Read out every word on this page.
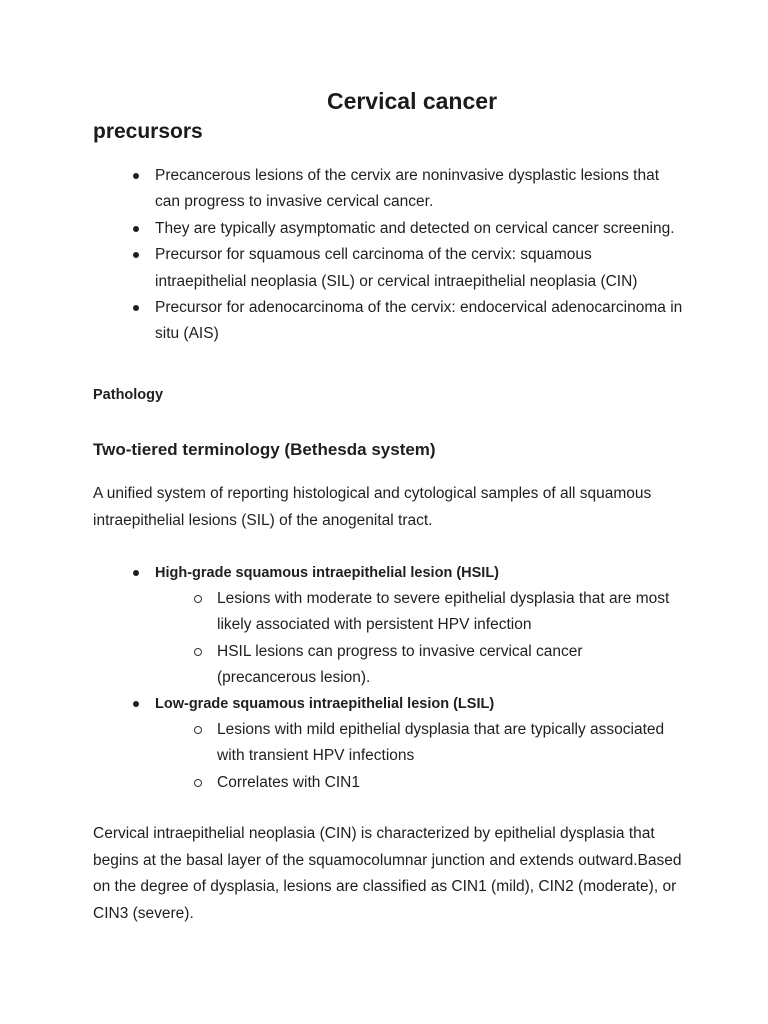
Cervical cancer
precursors
Precancerous lesions of the cervix are noninvasive dysplastic lesions that can progress to invasive cervical cancer.
They are typically asymptomatic and detected on cervical cancer screening.
Precursor for squamous cell carcinoma of the cervix: squamous intraepithelial neoplasia (SIL) or cervical intraepithelial neoplasia (CIN)
Precursor for adenocarcinoma of the cervix: endocervical adenocarcinoma in situ (AIS)
Pathology
Two-tiered terminology (Bethesda system)

A unified system of reporting histological and cytological samples of all squamous intraepithelial lesions (SIL) of the anogenital tract.

High-grade squamous intraepithelial lesion (HSIL)
Lesions with moderate to severe epithelial dysplasia that are most likely associated with persistent HPV infection
HSIL lesions can progress to invasive cervical cancer (precancerous lesion).
Low-grade squamous intraepithelial lesion (LSIL)
Lesions with mild epithelial dysplasia that are typically associated with transient HPV infections
Correlates with CIN1

Cervical intraepithelial neoplasia (CIN) is characterized by epithelial dysplasia that begins at the basal layer of the squamocolumnar junction and extends outward.Based on the degree of dysplasia, lesions are classified as CIN1 (mild), CIN2 (moderate), or CIN3 (severe).
